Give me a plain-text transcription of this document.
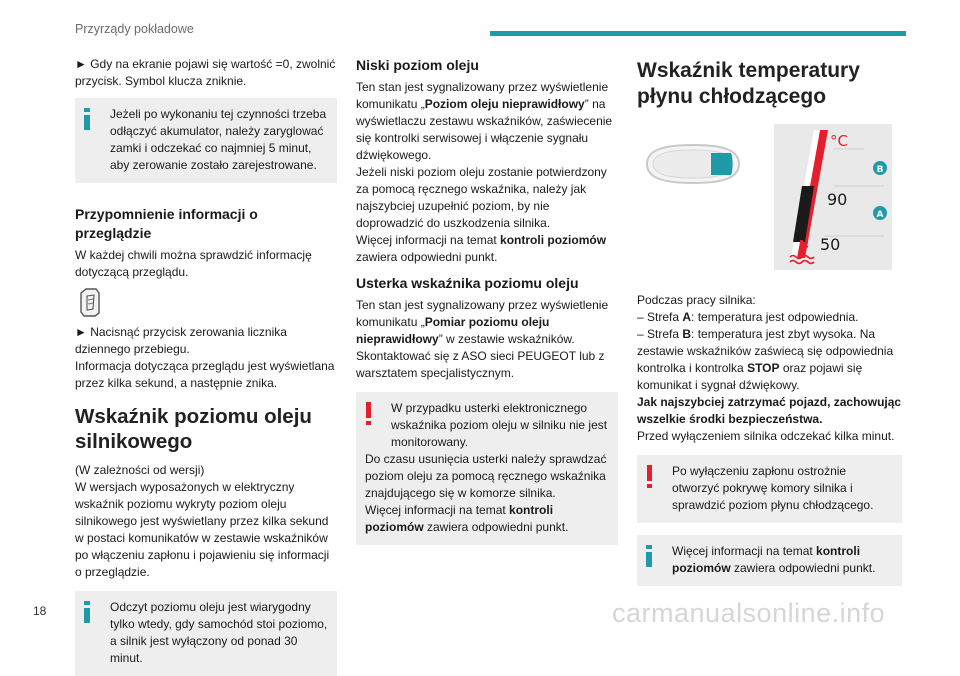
Przyrządy pokładowe

► Gdy na ekranie pojawi się wartość =0, zwolnić przycisk. Symbol klucza zniknie.

Jeżeli po wykonaniu tej czynności trzeba odłączyć akumulator, należy zaryglować zamki i odczekać co najmniej 5 minut, aby zerowanie zostało zarejestrowane.
Przypomnienie informacji o przeglądzie

W każdej chwili można sprawdzić informację dotyczącą przeglądu.

► Nacisnąć przycisk zerowania licznika dziennego przebiegu.

Informacja dotycząca przeglądu jest wyświetlana przez kilka sekund, a następnie znika.

Wskaźnik poziomu oleju silnikowego

(W zależności od wersji)

W wersjach wyposażonych w elektryczny wskaźnik poziomu wykryty poziom oleju silnikowego jest wyświetlany przez kilka sekund w postaci komunikatów w zestawie wskaźników po włączeniu zapłonu i pojawieniu się informacji o przeglądzie.

Odczyt poziomu oleju jest wiarygodny tylko wtedy, gdy samochód stoi poziomo, a silnik jest wyłączony od ponad 30 minut.
Niski poziom oleju

Ten stan jest sygnalizowany przez wyświetlenie komunikatu „Poziom oleju nieprawidłowy” na wyświetlaczu zestawu wskaźników, zaświecenie się kontrolki serwisowej i włączenie sygnału dźwiękowego.

Jeżeli niski poziom oleju zostanie potwierdzony za pomocą ręcznego wskaźnika, należy jak najszybciej uzupełnić poziom, by nie doprowadzić do uszkodzenia silnika.

Więcej informacji na temat kontroli poziomów zawiera odpowiedni punkt.

Usterka wskaźnika poziomu oleju

Ten stan jest sygnalizowany przez wyświetlenie komunikatu „Pomiar poziomu oleju nieprawidłowy” w zestawie wskaźników.

Skontaktować się z ASO sieci PEUGEOT lub z warsztatem specjalistycznym.

W przypadku usterki elektronicznego wskaźnika poziom oleju w silniku nie jest monitorowany.
Do czasu usunięcia usterki należy sprawdzać poziom oleju za pomocą ręcznego wskaźnika znajdującego się w komorze silnika.
Więcej informacji na temat kontroli poziomów zawiera odpowiedni punkt.
Wskaźnik temperatury płynu chłodzącego
°C
90
50
B
A

Podczas pracy silnika:

– Strefa A: temperatura jest odpowiednia.

– Strefa B: temperatura jest zbyt wysoka. Na zestawie wskaźników zaświecą się odpowiednia kontrolka i kontrolka STOP oraz pojawi się komunikat i sygnał dźwiękowy.

Jak najszybciej zatrzymać pojazd, zachowując wszelkie środki bezpieczeństwa.

Przed wyłączeniem silnika odczekać kilka minut.

Po wyłączeniu zapłonu ostrożnie otworzyć pokrywę komory silnika i sprawdzić poziom płynu chłodzącego.
Więcej informacji na temat kontroli poziomów zawiera odpowiedni punkt.
18	carmanualsonline.info
